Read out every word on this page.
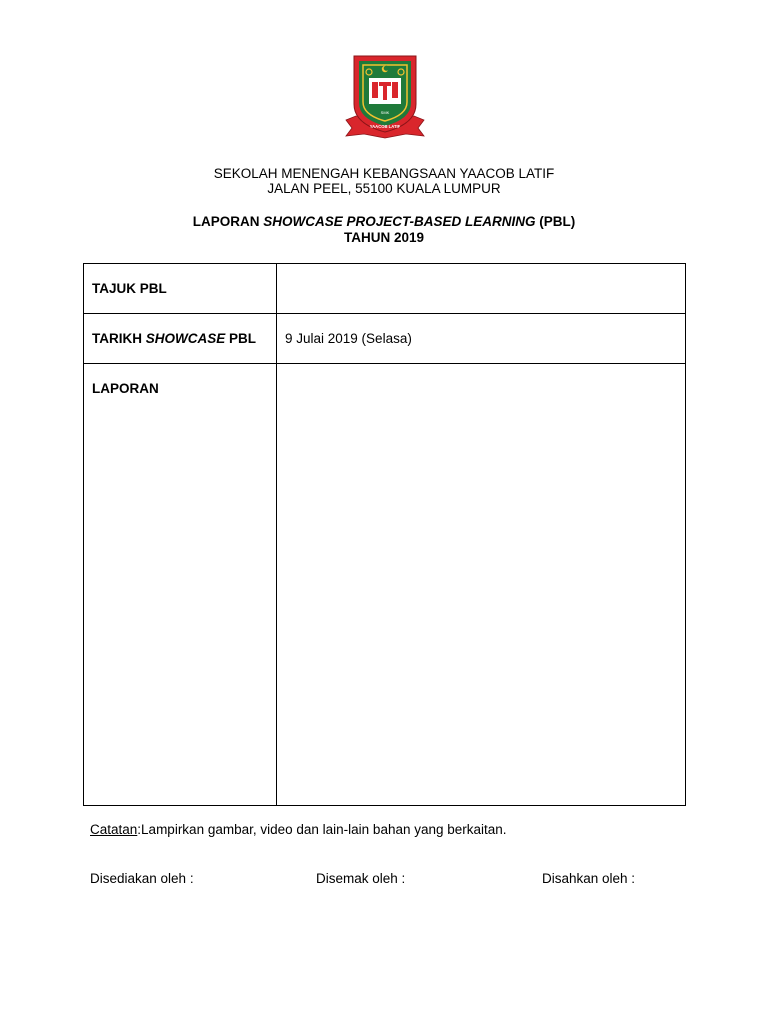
SMK
YAACOB LATIF
SEKOLAH MENENGAH KEBANGSAAN YAACOB LATIF
JALAN PEEL, 55100 KUALA LUMPUR
LAPORAN SHOWCASE PROJECT-BASED LEARNING (PBL)
TAHUN 2019
TAJUK PBL	
TARIKH SHOWCASE PBL	9 Julai 2019 (Selasa)
LAPORAN	
Catatan:Lampirkan gambar, video dan lain-lain bahan yang berkaitan.
Disediakan oleh :	Disemak oleh :	Disahkan oleh :
